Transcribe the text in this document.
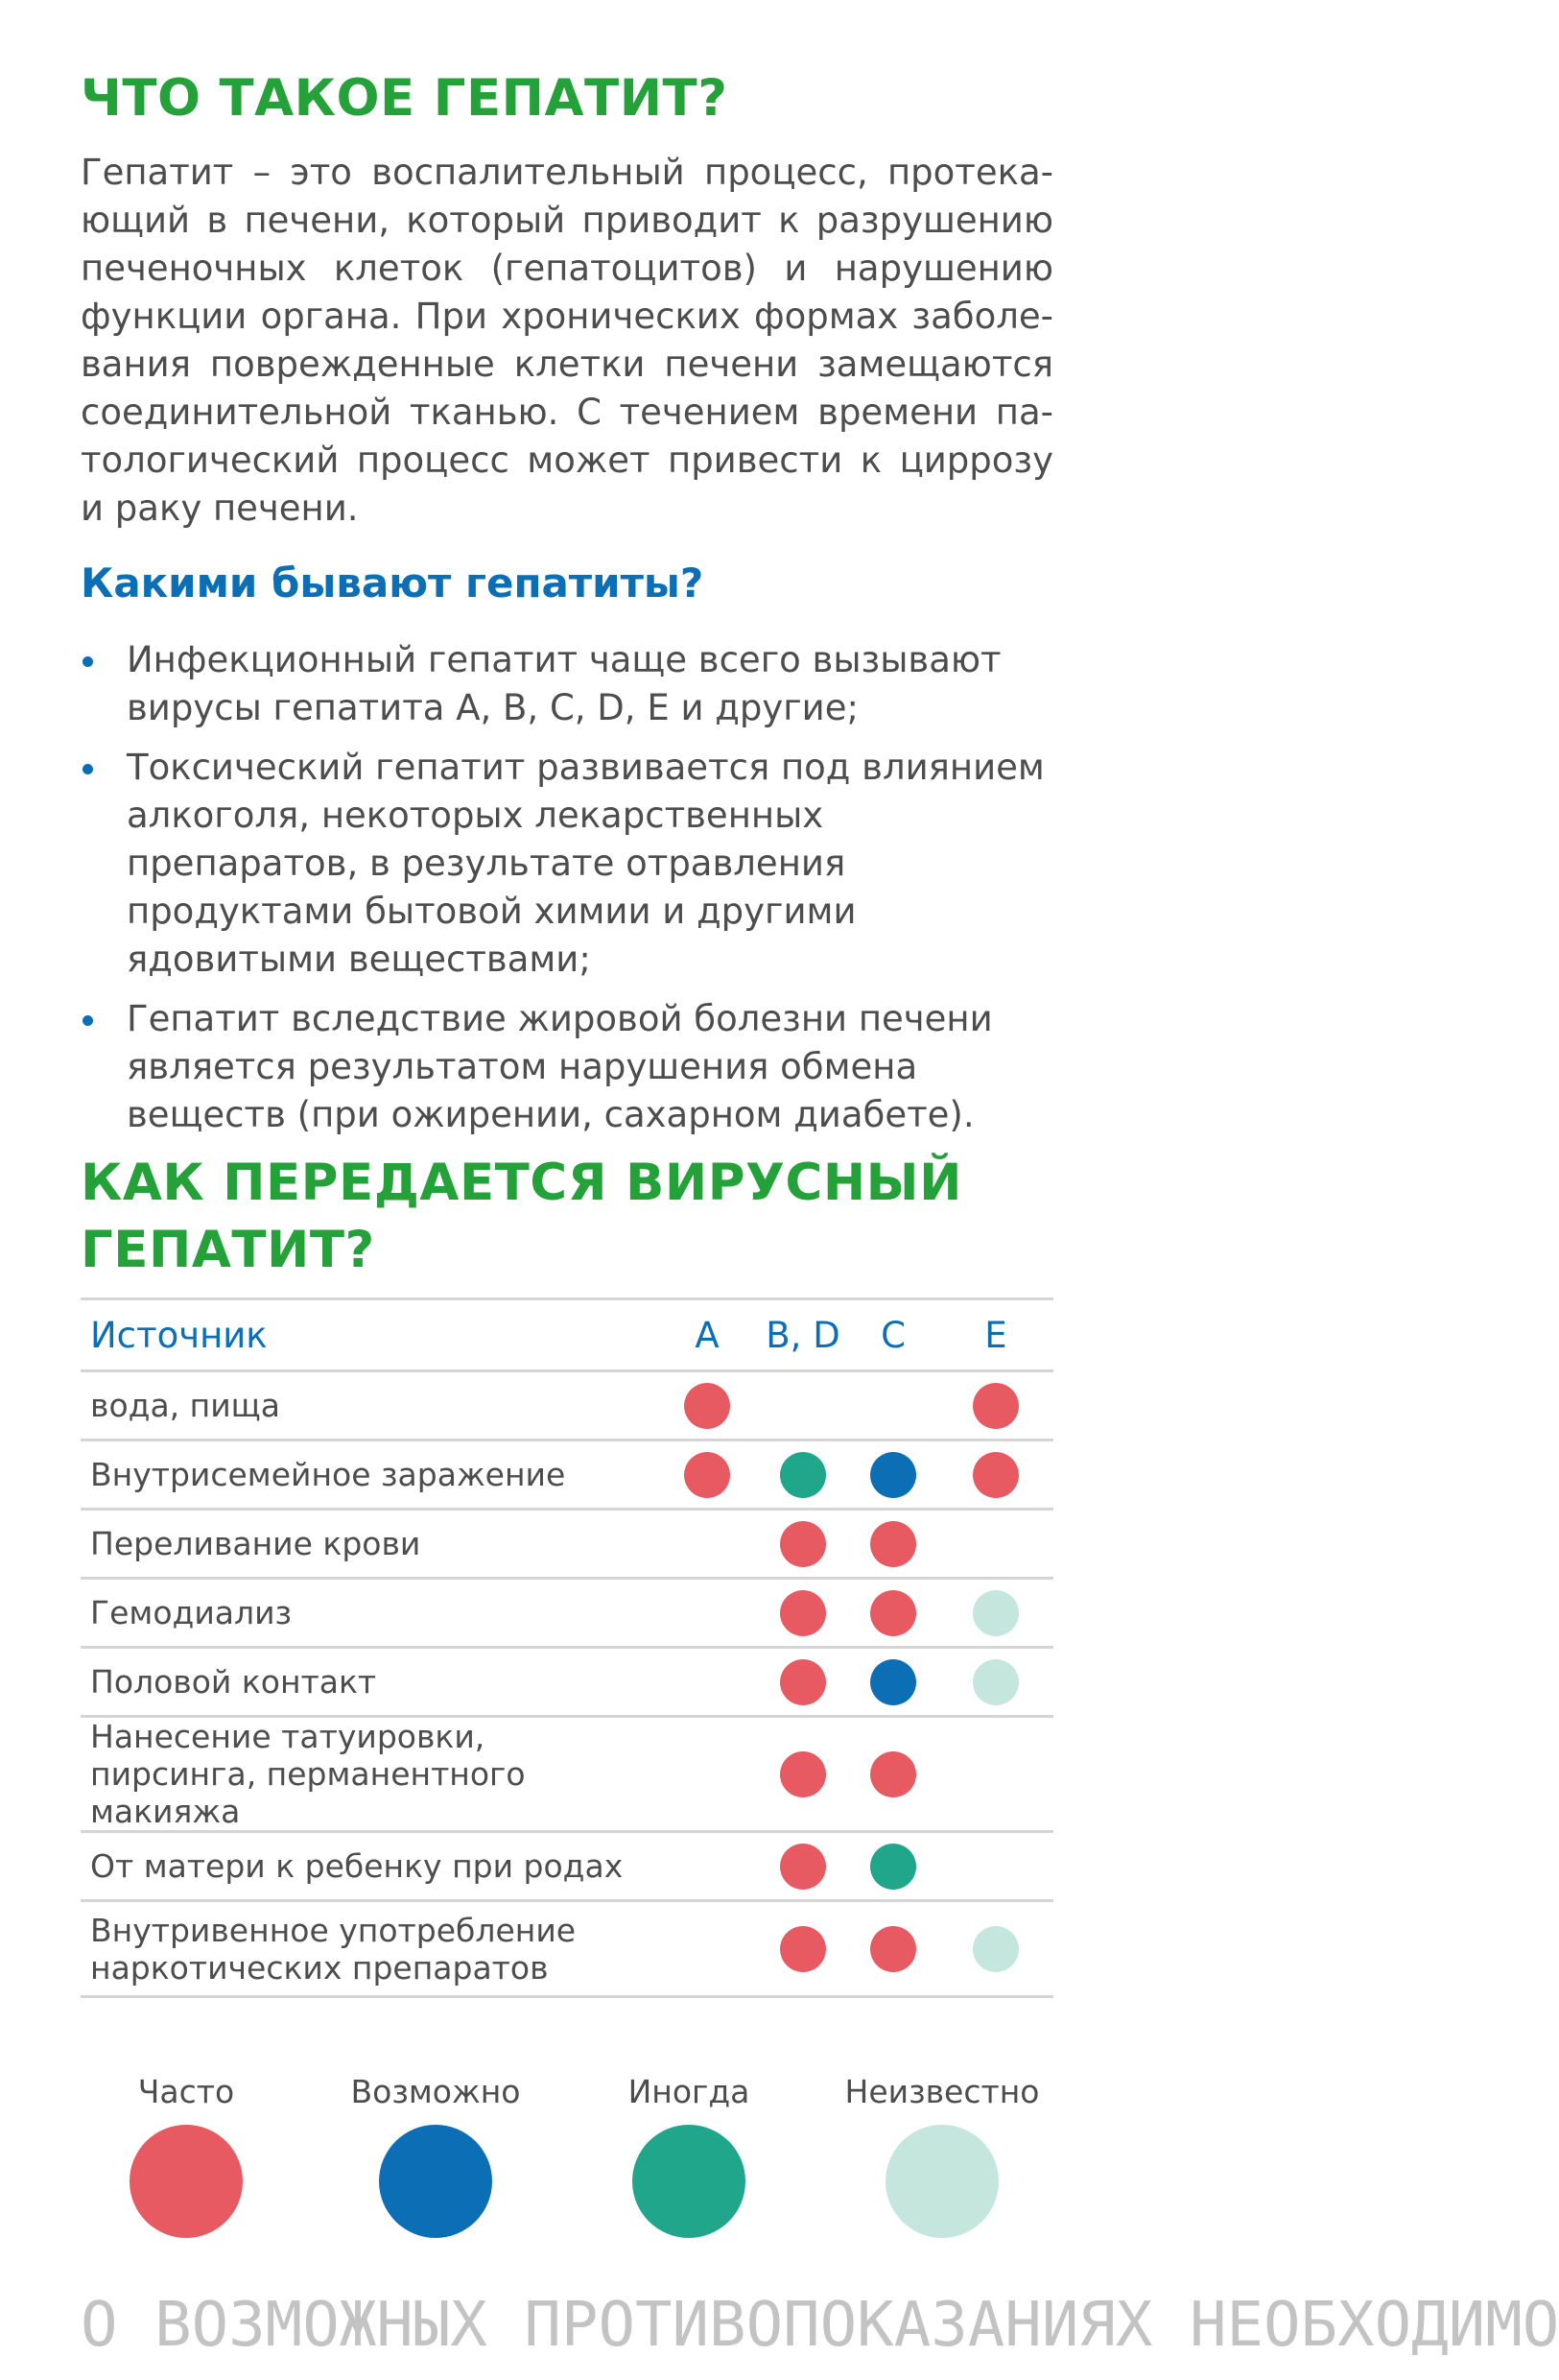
ЧТО ТАКОЕ ГЕПАТИТ?

Гепатит – это воспалительный процесс, протека-ющий в печени, который приводит к разрушению печеночных клеток (гепатоцитов) и нарушению функции органа. При хронических формах заболе-вания поврежденные клетки печени замещаются соединительной тканью. С течением времени па-тологический процесс может привести к циррозу и раку печени.

Какими бывают гепатиты?
Инфекционный гепатит чаще всего вызывают вирусы гепатита A, B, C, D, E и другие;
Токсический гепатит развивается под влиянием алкоголя, некоторых лекарственных препаратов, в результате отравления продуктами бытовой химии и другими ядовитыми веществами;
Гепатит вследствие жировой болезни печени является результатом нарушения обмена веществ (при ожирении, сахарном диабете).
КАК ПЕРЕДАЕТСЯ ВИРУСНЫЙ ГЕПАТИТ?
Источник	A	B, D	C	E
вода, пища				
Внутрисемейное заражение				
Переливание крови				
Гемодиализ				
Половой контакт				
Нанесение татуировки, пирсинга, перманентного макияжа				
От матери к ребенку при родах				
Внутривенное употребление наркотических препаратов				
Часто	Возможно	Иногда	Неизвестно
О ВОЗМОЖНЫХ ПРОТИВОПОКАЗАНИЯХ НЕОБХОДИМО
